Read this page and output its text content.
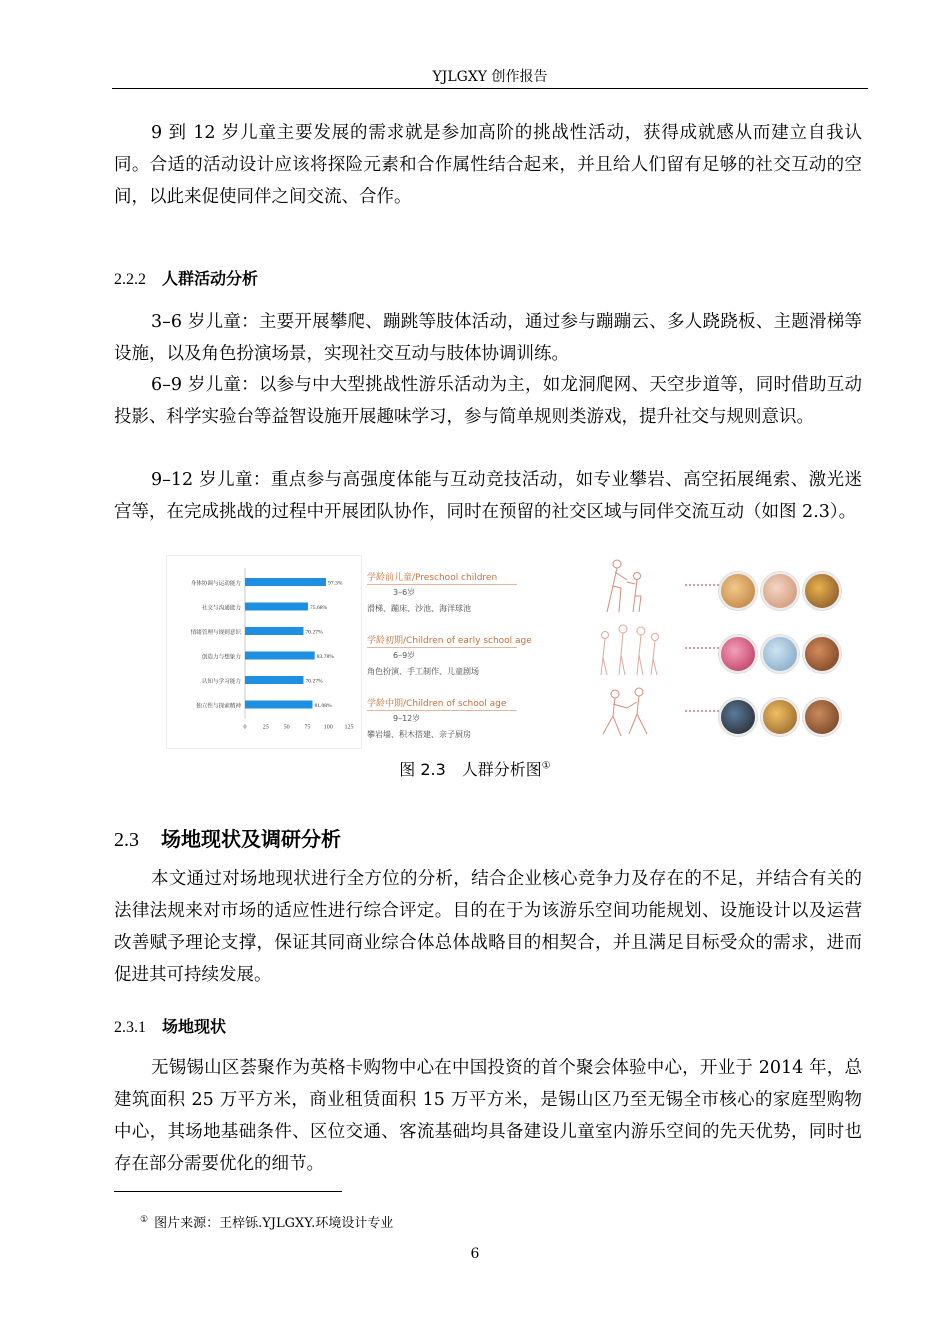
YJLGXY 创作报告
9 到 12 岁儿童主要发展的需求就是参加高阶的挑战性活动，获得成就感从而建立自我认同。合适的活动设计应该将探险元素和合作属性结合起来，并且给人们留有足够的社交互动的空间，以此来促使同伴之间交流、合作。
2.2.2 人群活动分析
3–6 岁儿童：主要开展攀爬、蹦跳等肢体活动，通过参与蹦蹦云、多人跷跷板、主题滑梯等设施，以及角色扮演场景，实现社交互动与肢体协调训练。
6–9 岁儿童：以参与中大型挑战性游乐活动为主，如龙洞爬网、天空步道等，同时借助互动投影、科学实验台等益智设施开展趣味学习，参与简单规则类游戏，提升社交与规则意识。
9–12 岁儿童：重点参与高强度体能与互动竞技活动，如专业攀岩、高空拓展绳索、激光迷宫等，在完成挑战的过程中开展团队协作，同时在预留的社交区域与同伴交流互动（如图 2.3）。
身体协调与运动能力	97.3%
社交与沟通能力	75.68%
情绪管理与规则意识	70.27%
创造力与想象力	83.78%
认知与学习能力	70.27%
独立性与探索精神	81.08%
0	25 50 75 100 125
学龄前儿童/Preschool children
3–6岁
滑梯、蹦床、沙池、海洋球池
学龄初期/Children of early school age
6–9岁
角色扮演、手工制作、儿童剧场
学龄中期/Children of school age
9–12岁
攀岩墙、积木搭建、亲子厨房
图 2.3　人群分析图①
2.3 场地现状及调研分析
本文通过对场地现状进行全方位的分析，结合企业核心竞争力及存在的不足，并结合有关的法律法规来对市场的适应性进行综合评定。目的在于为该游乐空间功能规划、设施设计以及运营改善赋予理论支撑，保证其同商业综合体总体战略目的相契合，并且满足目标受众的需求，进而促进其可持续发展。
2.3.1 场地现状
无锡锡山区荟聚作为英格卡购物中心在中国投资的首个聚会体验中心，开业于 2014 年，总建筑面积 25 万平方米，商业租赁面积 15 万平方米，是锡山区乃至无锡全市核心的家庭型购物中心，其场地基础条件、区位交通、客流基础均具备建设儿童室内游乐空间的先天优势，同时也存在部分需要优化的细节。
① 图片来源：王梓铄.YJLGXY.环境设计专业
6
